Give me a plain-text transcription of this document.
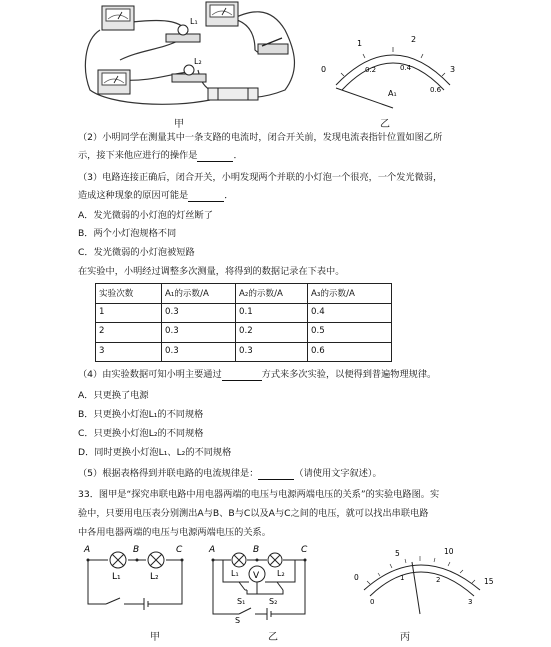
L₁
L₂
甲
0
1	2
3
0.2	0.4
0.6
A₁
乙
（2）小明同学在测量其中一条支路的电流时，闭合开关前，发现电流表指针位置如图乙所
示，接下来他应进行的操作是	．
（3）电路连接正确后，闭合开关，小明发现两个并联的小灯泡一个很亮，一个发光微弱，
造成这种现象的原因可能是	．
A．发光微弱的小灯泡的灯丝断了
B．两个小灯泡规格不同
C．发光微弱的小灯泡被短路
在实验中，小明经过调整多次测量，将得到的数据记录在下表中。
实验次数	A₁的示数/A	A₂的示数/A	A₃的示数/A
1	0.3	0.1	0.4
2	0.3	0.2	0.5
3	0.3	0.3	0.6
（4）由实验数据可知小明主要通过	方式来多次实验，以便得到普遍物理规律。
A．只更换了电源
B．只更换小灯泡L₁的不同规格
C．只更换小灯泡L₂的不同规格
D．同时更换小灯泡L₁、L₂的不同规格
（5）根据表格得到并联电路的电流规律是：	（请使用文字叙述）。
33．图甲是“探究串联电路中用电器两端的电压与电源两端电压的关系”的实验电路图。实
验中，只要用电压表分别测出A与B、B与C以及A与C之间的电压，就可以找出串联电路
中各用电器两端的电压与电源两端电压的关系。
A	B	C
L₁	L₂
甲
V
A	B	C
L₁	L₂
S₁	S₂
S
乙
0
5	10
15
0
1	2
3
丙
